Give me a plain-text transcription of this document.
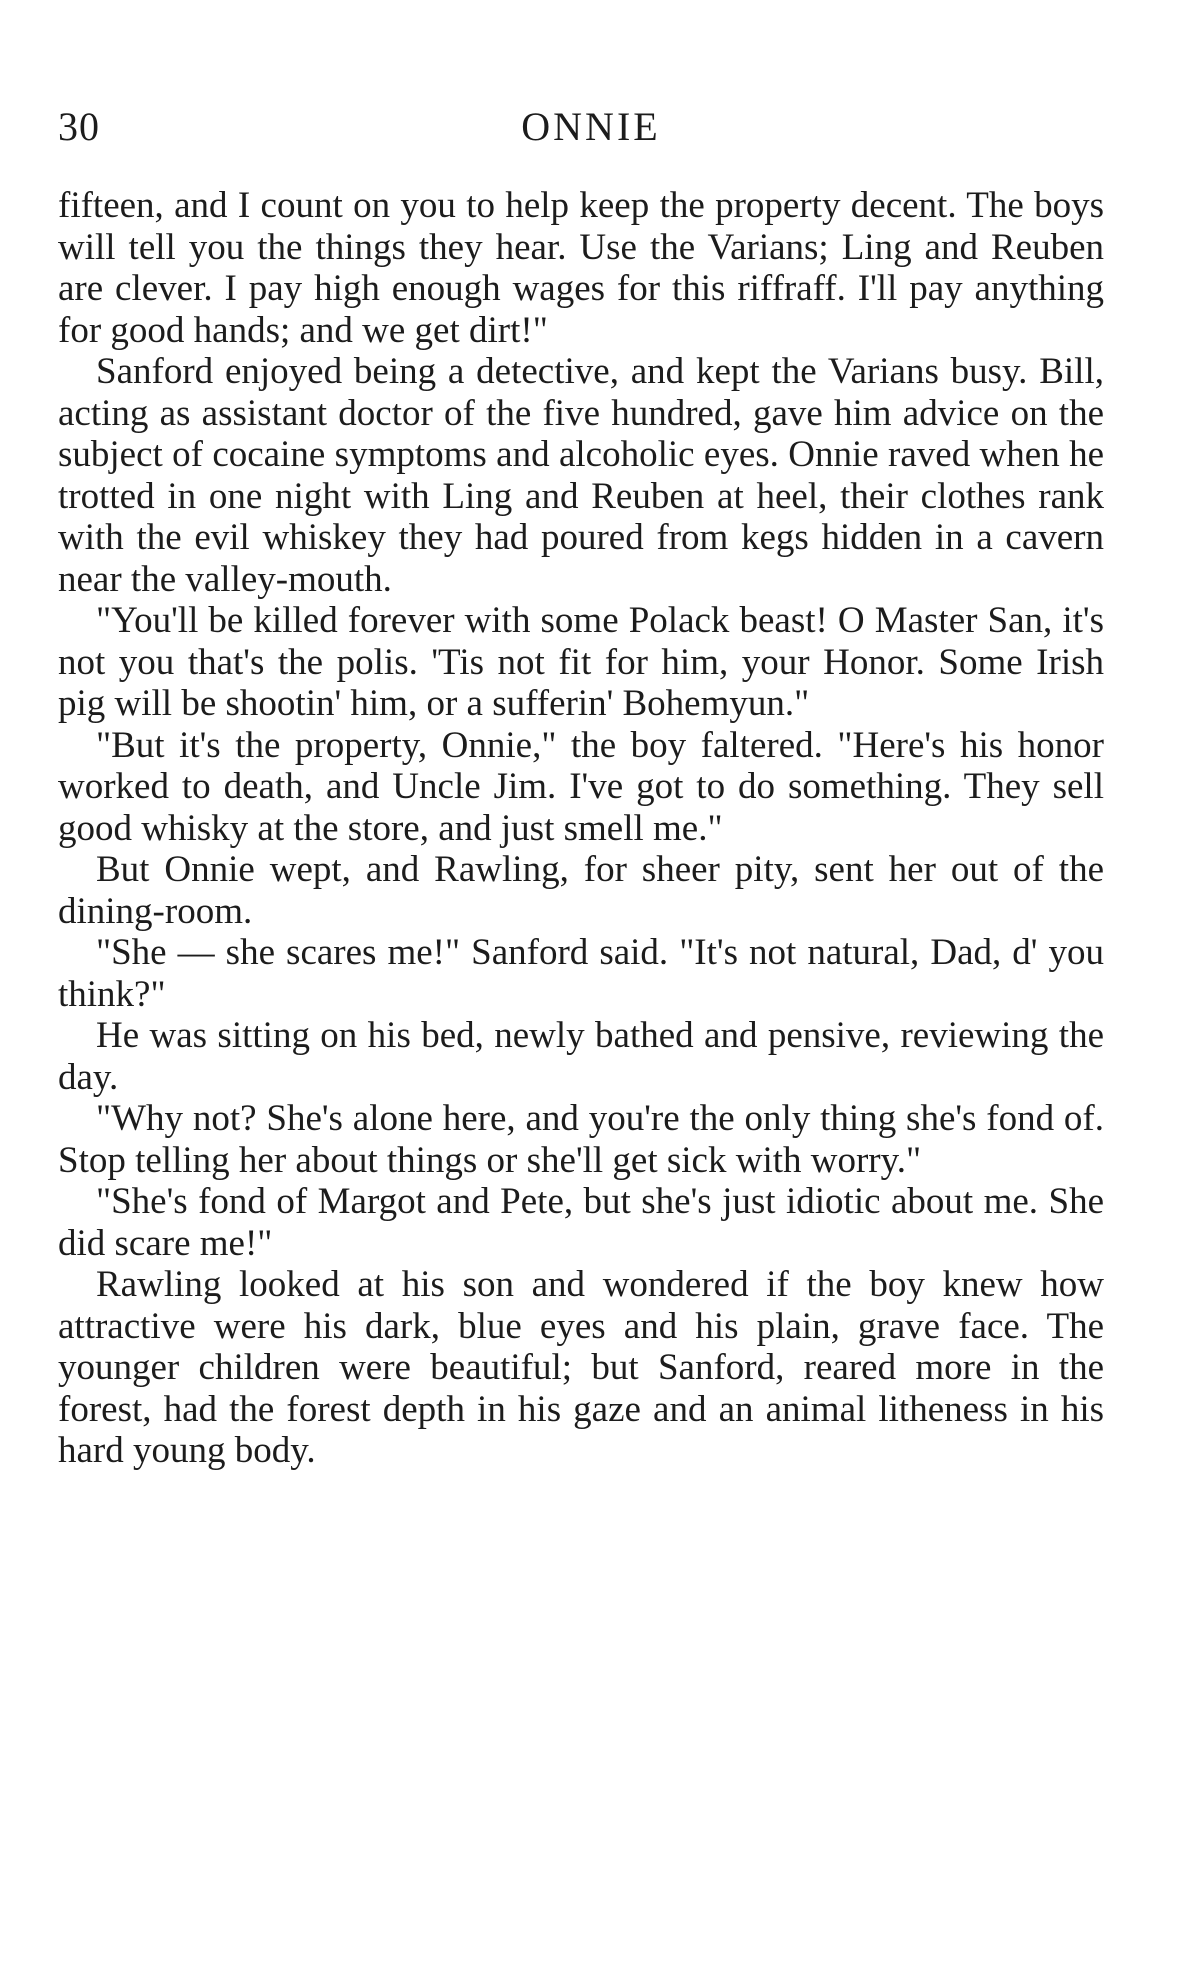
30	ONNIE

fifteen, and I count on you to help keep the property decent. The boys will tell you the things they hear. Use the Varians; Ling and Reuben are clever. I pay high enough wages for this riffraff. I'll pay anything for good hands; and we get dirt!"

Sanford enjoyed being a detective, and kept the Varians busy. Bill, acting as assistant doctor of the five hundred, gave him advice on the subject of cocaine symptoms and alcoholic eyes. Onnie raved when he trotted in one night with Ling and Reuben at heel, their clothes rank with the evil whiskey they had poured from kegs hidden in a cavern near the valley-mouth.

"You'll be killed forever with some Polack beast! O Master San, it's not you that's the polis. 'Tis not fit for him, your Honor. Some Irish pig will be shootin' him, or a sufferin' Bohemyun."

"But it's the property, Onnie," the boy faltered. "Here's his honor worked to death, and Uncle Jim. I've got to do something. They sell good whisky at the store, and just smell me."

But Onnie wept, and Rawling, for sheer pity, sent her out of the dining-room.

"She — she scares me!" Sanford said. "It's not natural, Dad, d' you think?"

He was sitting on his bed, newly bathed and pensive, reviewing the day.

"Why not? She's alone here, and you're the only thing she's fond of. Stop telling her about things or she'll get sick with worry."

"She's fond of Margot and Pete, but she's just idiotic about me. She did scare me!"

Rawling looked at his son and wondered if the boy knew how attractive were his dark, blue eyes and his plain, grave face. The younger children were beautiful; but Sanford, reared more in the forest, had the forest depth in his gaze and an animal litheness in his hard young body.
